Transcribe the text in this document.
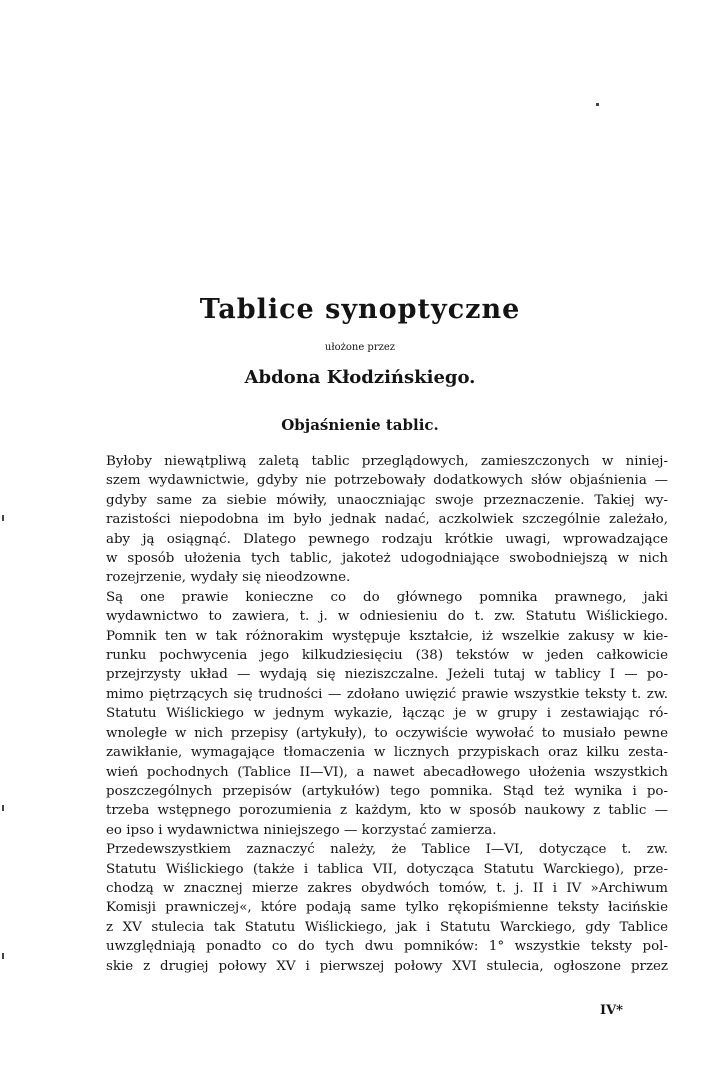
Tablice synoptyczne
ułożone przez
Abdona Kłodzińskiego.
Objaśnienie tablic.

Byłoby niewątpliwą zaletą tablic przeglądowych, zamieszczonych w niniej-
szem wydawnictwie, gdyby nie potrzebowały dodatkowych słów objaśnienia —
gdyby same za siebie mówiły, unaoczniając swoje przeznaczenie. Takiej wy-
razistości niepodobna im było jednak nadać, aczkolwiek szczególnie zależało,
aby ją osiągnąć. Dlatego pewnego rodzaju krótkie uwagi, wprowadzające
w sposób ułożenia tych tablic, jakoteż udogodniające swobodniejszą w nich
rozejrzenie, wydały się nieodzowne.

Są one prawie konieczne co do głównego pomnika prawnego, jaki
wydawnictwo to zawiera, t. j. w odniesieniu do t. zw. Statutu Wiślickiego.
Pomnik ten w tak różnorakim występuje kształcie, iż wszelkie zakusy w kie-
runku pochwycenia jego kilkudziesięciu (38) tekstów w jeden całkowicie
przejrzysty układ — wydają się nieziszczalne. Jeżeli tutaj w tablicy I — po-
mimo piętrzących się trudności — zdołano uwięzić prawie wszystkie teksty t. zw.
Statutu Wiślickiego w jednym wykazie, łącząc je w grupy i zestawiając ró-
wnoległe w nich przepisy (artykuły), to oczywiście wywołać to musiało pewne
zawikłanie, wymagające tłomaczenia w licznych przypiskach oraz kilku zesta-
wień pochodnych (Tablice II—VI), a nawet abecadłowego ułożenia wszystkich
poszczególnych przepisów (artykułów) tego pomnika. Stąd też wynika i po-
trzeba wstępnego porozumienia z każdym, kto w sposób naukowy z tablic —
eo ipso i wydawnictwa niniejszego — korzystać zamierza.

Przedewszystkiem zaznaczyć należy, że Tablice I—VI, dotyczące t. zw.
Statutu Wiślickiego (także i tablica VII, dotycząca Statutu Warckiego), prze-
chodzą w znacznej mierze zakres obydwóch tomów, t. j. II i IV »Archiwum
Komisji prawniczej«, które podają same tylko rękopiśmienne teksty łacińskie
z XV stulecia tak Statutu Wiślickiego, jak i Statutu Warckiego, gdy Tablice
uwzględniają ponadto co do tych dwu pomników: 1° wszystkie teksty pol-
skie z drugiej połowy XV i pierwszej połowy XVI stulecia, ogłoszone przez

IV*
